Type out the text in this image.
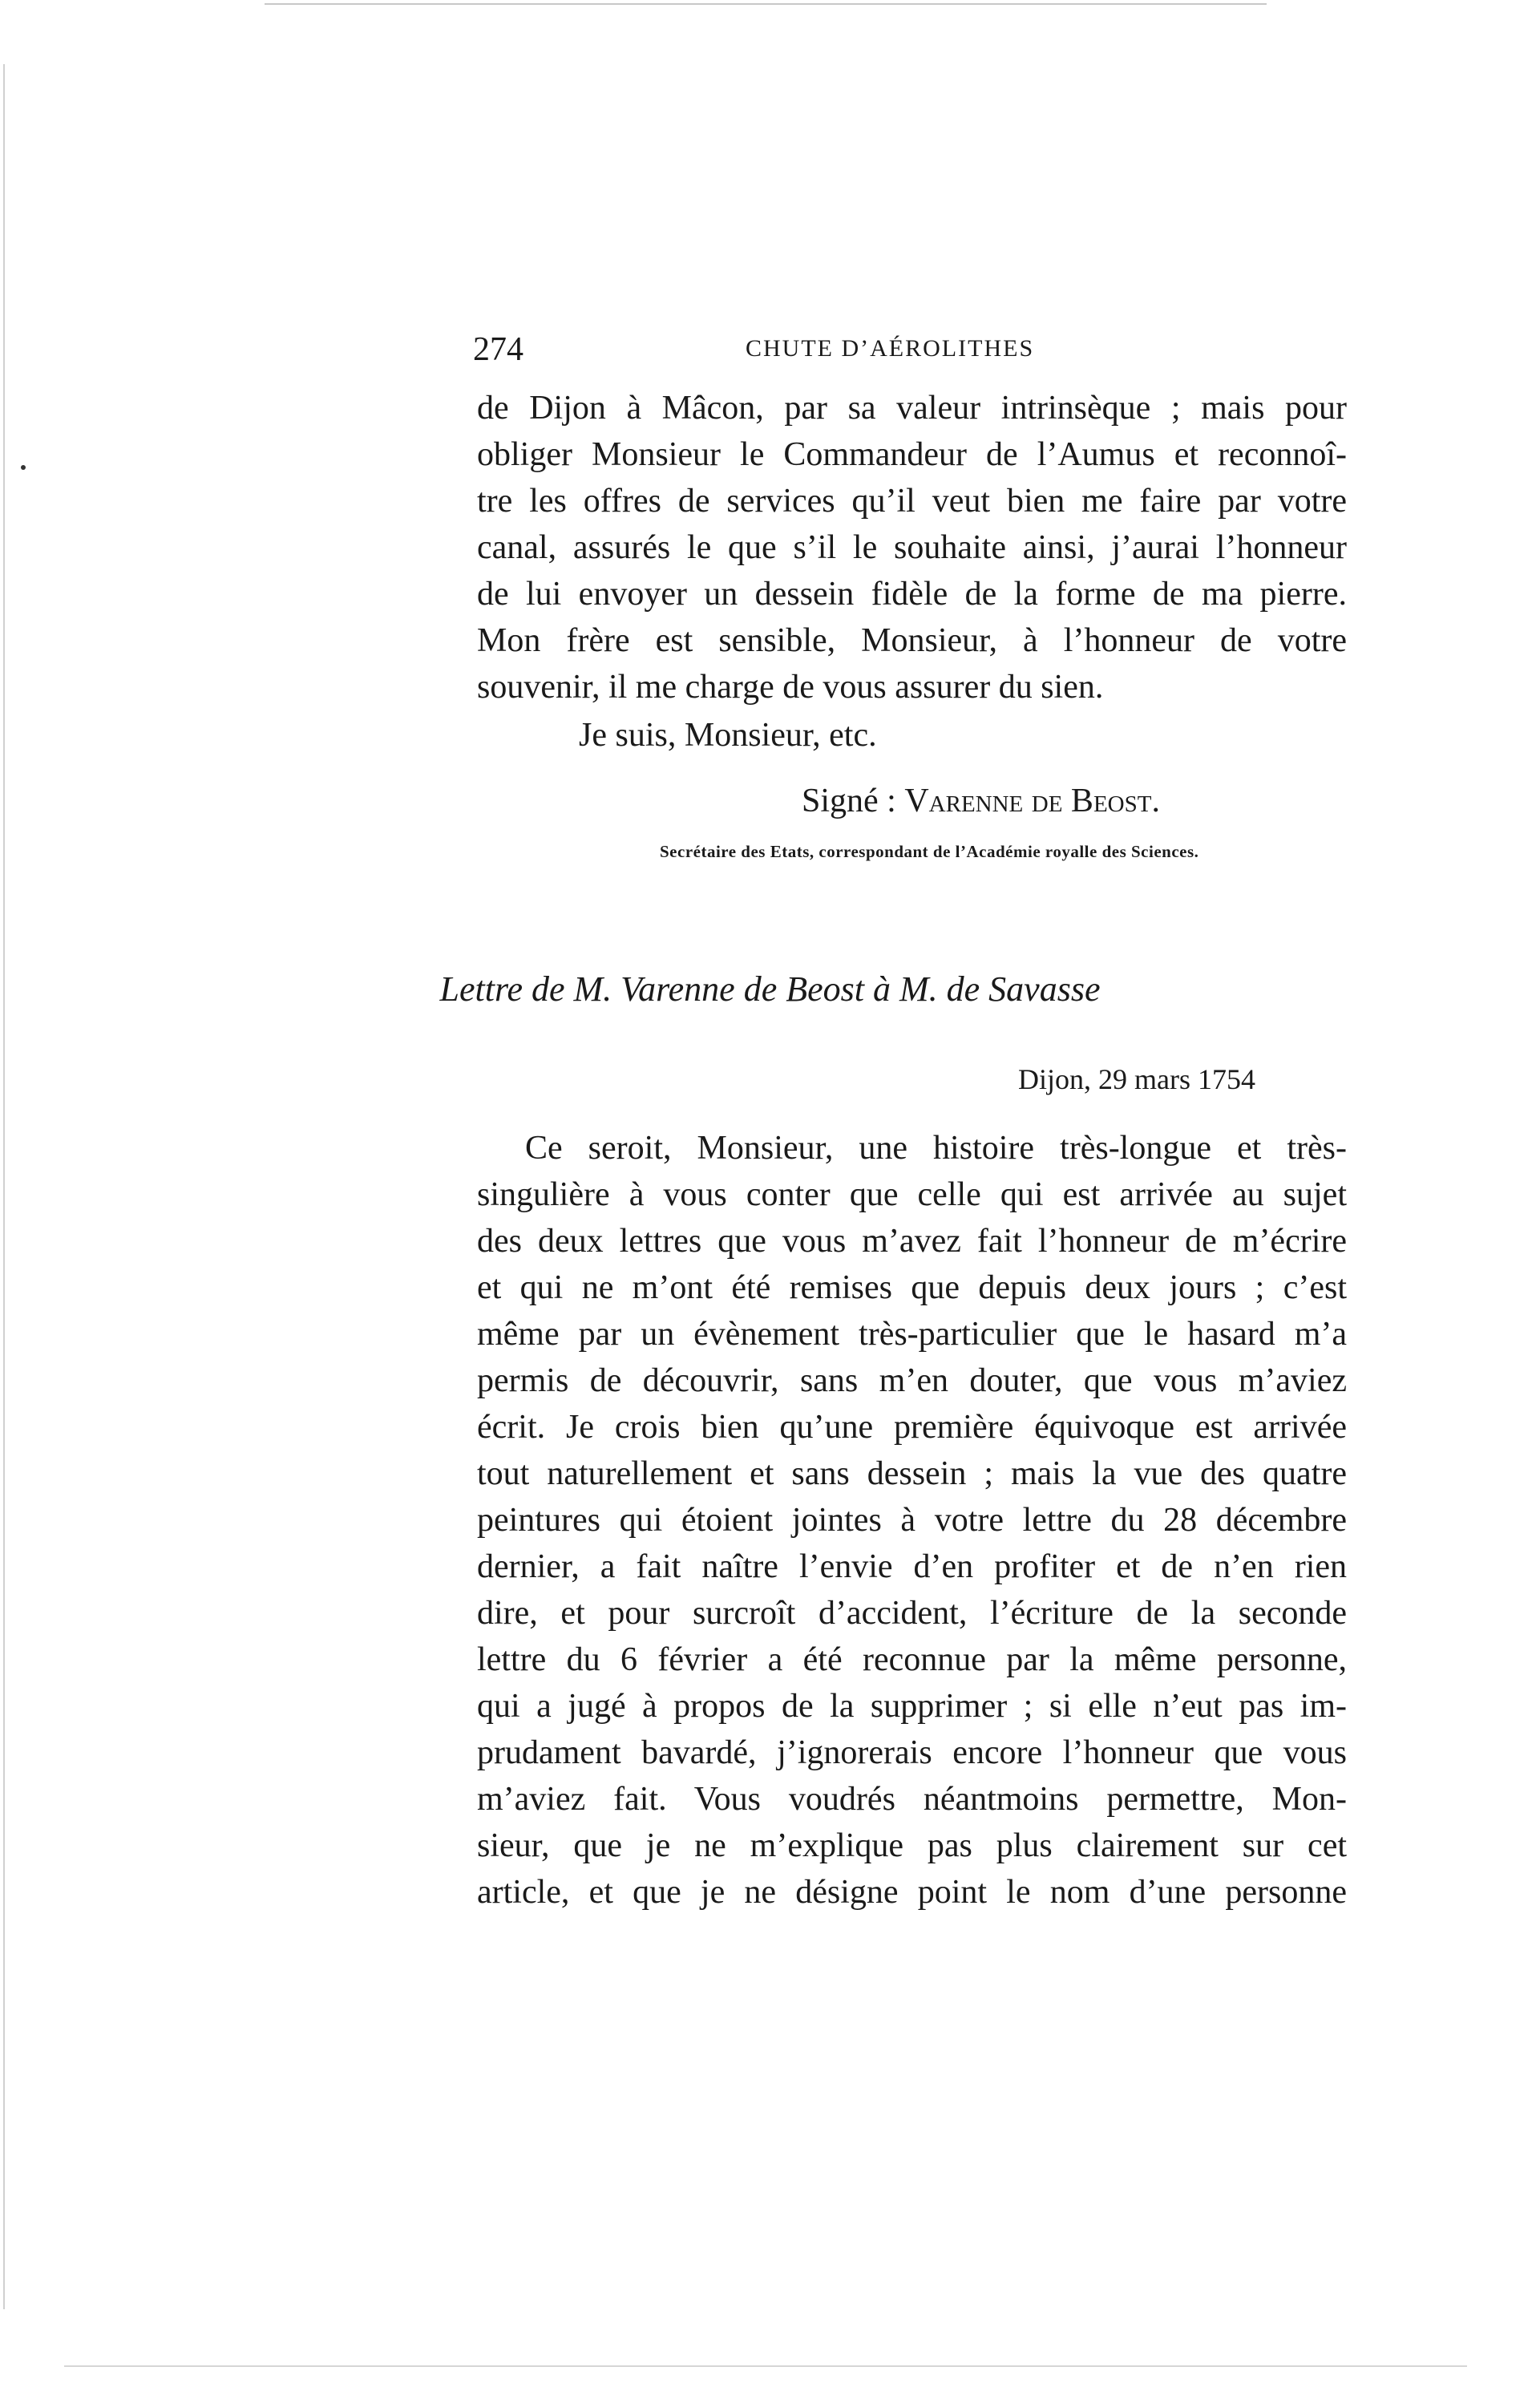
274	CHUTE D’AÉROLITHES
de Dijon à Mâcon, par sa valeur intrinsèque ; mais pour
obliger Monsieur le Commandeur de l’Aumus et reconnoî-
tre les offres de services qu’il veut bien me faire par votre
canal, assurés le que s’il le souhaite ainsi, j’aurai l’honneur
de lui envoyer un dessein fidèle de la forme de ma pierre.
Mon frère est sensible, Monsieur, à l’honneur de votre
souvenir, il me charge de vous assurer du sien.
Je suis, Monsieur, etc.
Signé : Varenne de Beost.
Secrétaire des Etats, correspondant de l’Académie royalle des Sciences.
Lettre de M. Varenne de Beost à M. de Savasse
Dijon, 29 mars 1754
Ce seroit, Monsieur, une histoire très-longue et très-
singulière à vous conter que celle qui est arrivée au sujet
des deux lettres que vous m’avez fait l’honneur de m’écrire
et qui ne m’ont été remises que depuis deux jours ; c’est
même par un évènement très-particulier que le hasard m’a
permis de découvrir, sans m’en douter, que vous m’aviez
écrit. Je crois bien qu’une première équivoque est arrivée
tout naturellement et sans dessein ; mais la vue des quatre
peintures qui étoient jointes à votre lettre du 28 décembre
dernier, a fait naître l’envie d’en profiter et de n’en rien
dire, et pour surcroît d’accident, l’écriture de la seconde
lettre du 6 février a été reconnue par la même personne,
qui a jugé à propos de la supprimer ; si elle n’eut pas im-
prudament bavardé, j’ignorerais encore l’honneur que vous
m’aviez fait. Vous voudrés néantmoins permettre, Mon-
sieur, que je ne m’explique pas plus clairement sur cet
article, et que je ne désigne point le nom d’une personne
